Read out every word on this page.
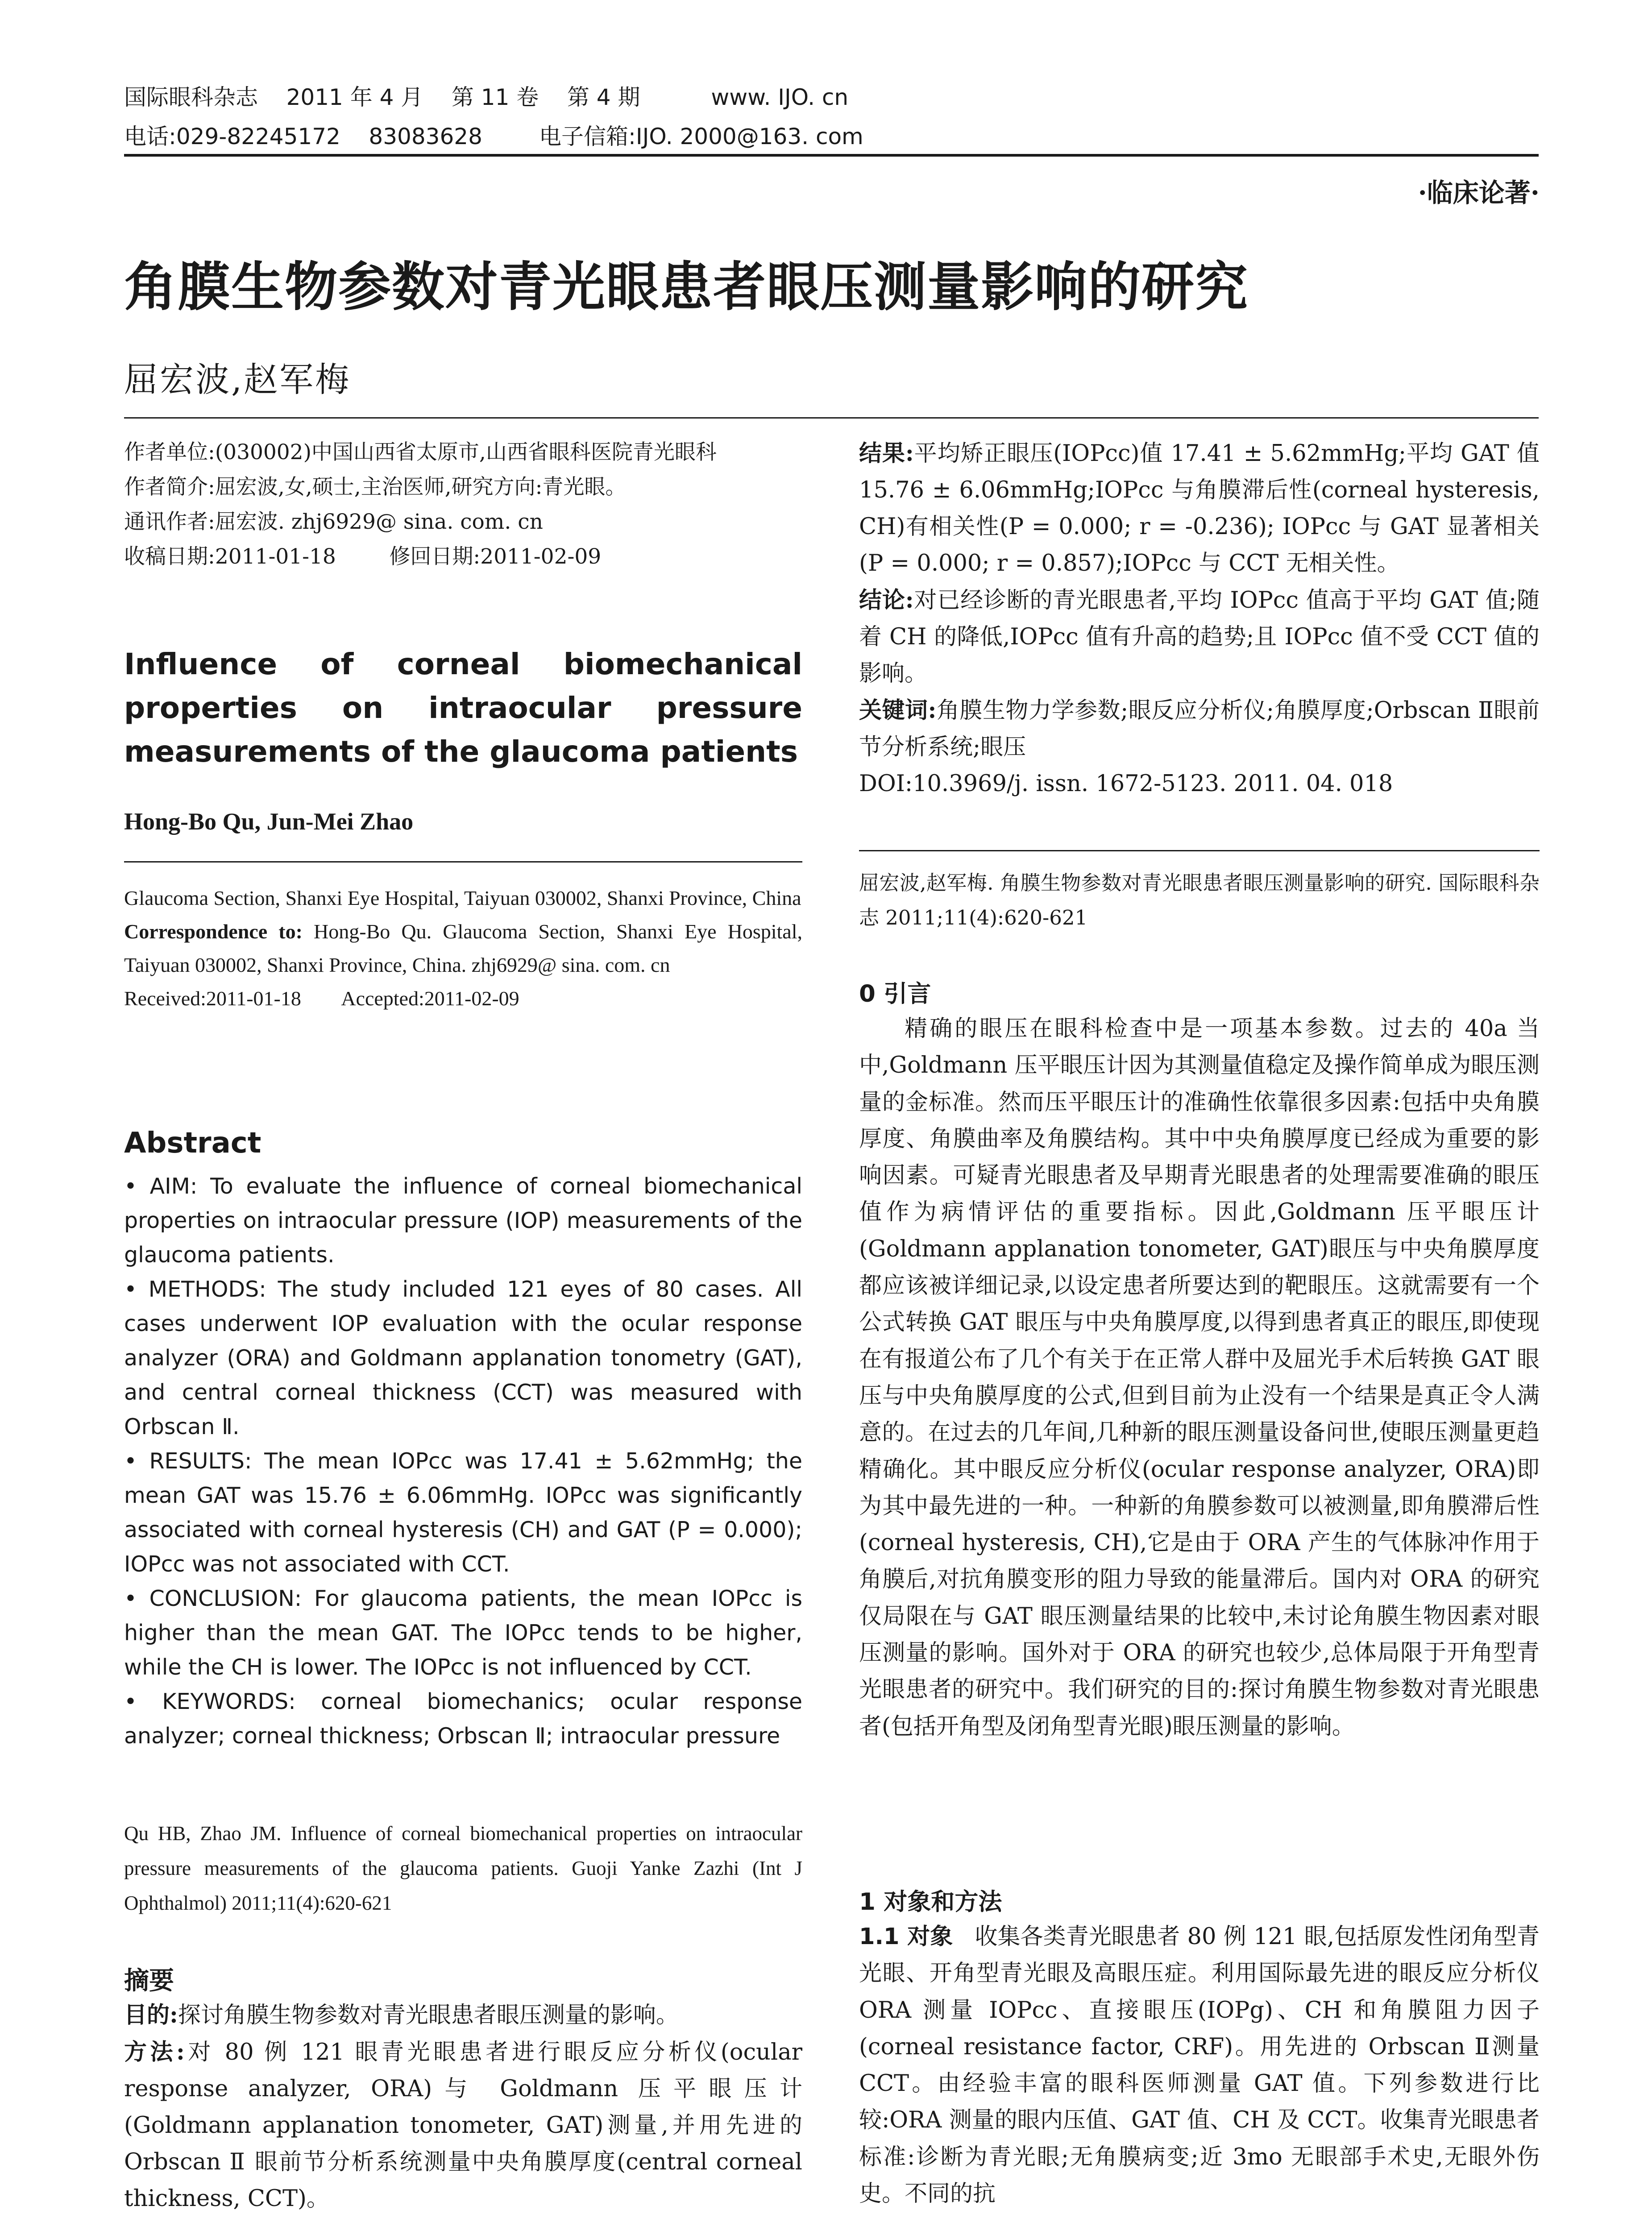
国际眼科杂志    2011 年 4 月    第 11 卷    第 4 期          www. IJO. cn
电话:029-82245172    83083628        电子信箱:IJO. 2000@163. com
·临床论著·
角膜生物参数对青光眼患者眼压测量影响的研究
屈宏波,赵军梅
作者单位:(030002)中国山西省太原市,山西省眼科医院青光眼科
作者简介:屈宏波,女,硕士,主治医师,研究方向:青光眼。
通讯作者:屈宏波. zhj6929@ sina. com. cn
收稿日期:2011-01-18        修回日期:2011-02-09
Influence of corneal biomechanical properties on intraocular pressure measurements of the glaucoma patients
Hong-Bo Qu, Jun-Mei Zhao
Glaucoma Section, Shanxi Eye Hospital, Taiyuan 030002, Shanxi Province, China
Correspondence to: Hong-Bo Qu. Glaucoma Section, Shanxi Eye Hospital, Taiyuan 030002, Shanxi Province, China. zhj6929@ sina. com. cn
Received:2011-01-18        Accepted:2011-02-09
Abstract

• AIM: To evaluate the influence of corneal biomechanical properties on intraocular pressure (IOP) measurements of the glaucoma patients.

• METHODS: The study included 121 eyes of 80 cases. All cases underwent IOP evaluation with the ocular response analyzer (ORA) and Goldmann applanation tonometry (GAT), and central corneal thickness (CCT) was measured with Orbscan Ⅱ.

• RESULTS: The mean IOPcc was 17.41 ± 5.62mmHg; the mean GAT was 15.76 ± 6.06mmHg. IOPcc was significantly associated with corneal hysteresis (CH) and GAT (P = 0.000); IOPcc was not associated with CCT.

• CONCLUSION: For glaucoma patients, the mean IOPcc is higher than the mean GAT. The IOPcc tends to be higher, while the CH is lower. The IOPcc is not influenced by CCT.

• KEYWORDS: corneal biomechanics; ocular response analyzer; corneal thickness; Orbscan Ⅱ; intraocular pressure

Qu HB, Zhao JM. Influence of corneal biomechanical properties on intraocular pressure measurements of the glaucoma patients. Guoji Yanke Zazhi (Int J Ophthalmol) 2011;11(4):620-621
摘要

目的:探讨角膜生物参数对青光眼患者眼压测量的影响。

方法:对 80 例 121 眼青光眼患者进行眼反应分析仪(ocular response analyzer, ORA)与 Goldmann 压平眼压计(Goldmann applanation tonometer, GAT)测量,并用先进的 Orbscan Ⅱ 眼前节分析系统测量中央角膜厚度(central corneal thickness, CCT)。

结果:平均矫正眼压(IOPcc)值 17.41 ± 5.62mmHg;平均 GAT 值 15.76 ± 6.06mmHg;IOPcc 与角膜滞后性(corneal hysteresis, CH)有相关性(P = 0.000; r = -0.236); IOPcc 与 GAT 显著相关(P = 0.000; r = 0.857);IOPcc 与 CCT 无相关性。

结论:对已经诊断的青光眼患者,平均 IOPcc 值高于平均 GAT 值;随着 CH 的降低,IOPcc 值有升高的趋势;且 IOPcc 值不受 CCT 值的影响。

关键词:角膜生物力学参数;眼反应分析仪;角膜厚度;Orbscan Ⅱ眼前节分析系统;眼压

DOI:10.3969/j. issn. 1672-5123. 2011. 04. 018

屈宏波,赵军梅. 角膜生物参数对青光眼患者眼压测量影响的研究. 国际眼科杂志 2011;11(4):620-621
0 引言

精确的眼压在眼科检查中是一项基本参数。过去的 40a 当中,Goldmann 压平眼压计因为其测量值稳定及操作简单成为眼压测量的金标准。然而压平眼压计的准确性依靠很多因素:包括中央角膜厚度、角膜曲率及角膜结构。其中中央角膜厚度已经成为重要的影响因素。可疑青光眼患者及早期青光眼患者的处理需要准确的眼压值作为病情评估的重要指标。因此,Goldmann 压平眼压计(Goldmann applanation tonometer, GAT)眼压与中央角膜厚度都应该被详细记录,以设定患者所要达到的靶眼压。这就需要有一个公式转换 GAT 眼压与中央角膜厚度,以得到患者真正的眼压,即使现在有报道公布了几个有关于在正常人群中及屈光手术后转换 GAT 眼压与中央角膜厚度的公式,但到目前为止没有一个结果是真正令人满意的。在过去的几年间,几种新的眼压测量设备问世,使眼压测量更趋精确化。其中眼反应分析仪(ocular response analyzer, ORA)即为其中最先进的一种。一种新的角膜参数可以被测量,即角膜滞后性(corneal hysteresis, CH),它是由于 ORA 产生的气体脉冲作用于角膜后,对抗角膜变形的阻力导致的能量滞后。国内对 ORA 的研究仅局限在与 GAT 眼压测量结果的比较中,未讨论角膜生物因素对眼压测量的影响。国外对于 ORA 的研究也较少,总体局限于开角型青光眼患者的研究中。我们研究的目的:探讨角膜生物参数对青光眼患者(包括开角型及闭角型青光眼)眼压测量的影响。

1 对象和方法

1.1 对象 收集各类青光眼患者 80 例 121 眼,包括原发性闭角型青光眼、开角型青光眼及高眼压症。利用国际最先进的眼反应分析仪 ORA 测量 IOPcc、直接眼压(IOPg)、CH 和角膜阻力因子(corneal resistance factor, CRF)。用先进的 Orbscan Ⅱ测量 CCT。由经验丰富的眼科医师测量 GAT 值。下列参数进行比较:ORA 测量的眼内压值、GAT 值、CH 及 CCT。收集青光眼患者标准:诊断为青光眼;无角膜病变;近 3mo 无眼部手术史,无眼外伤史。不同的抗
